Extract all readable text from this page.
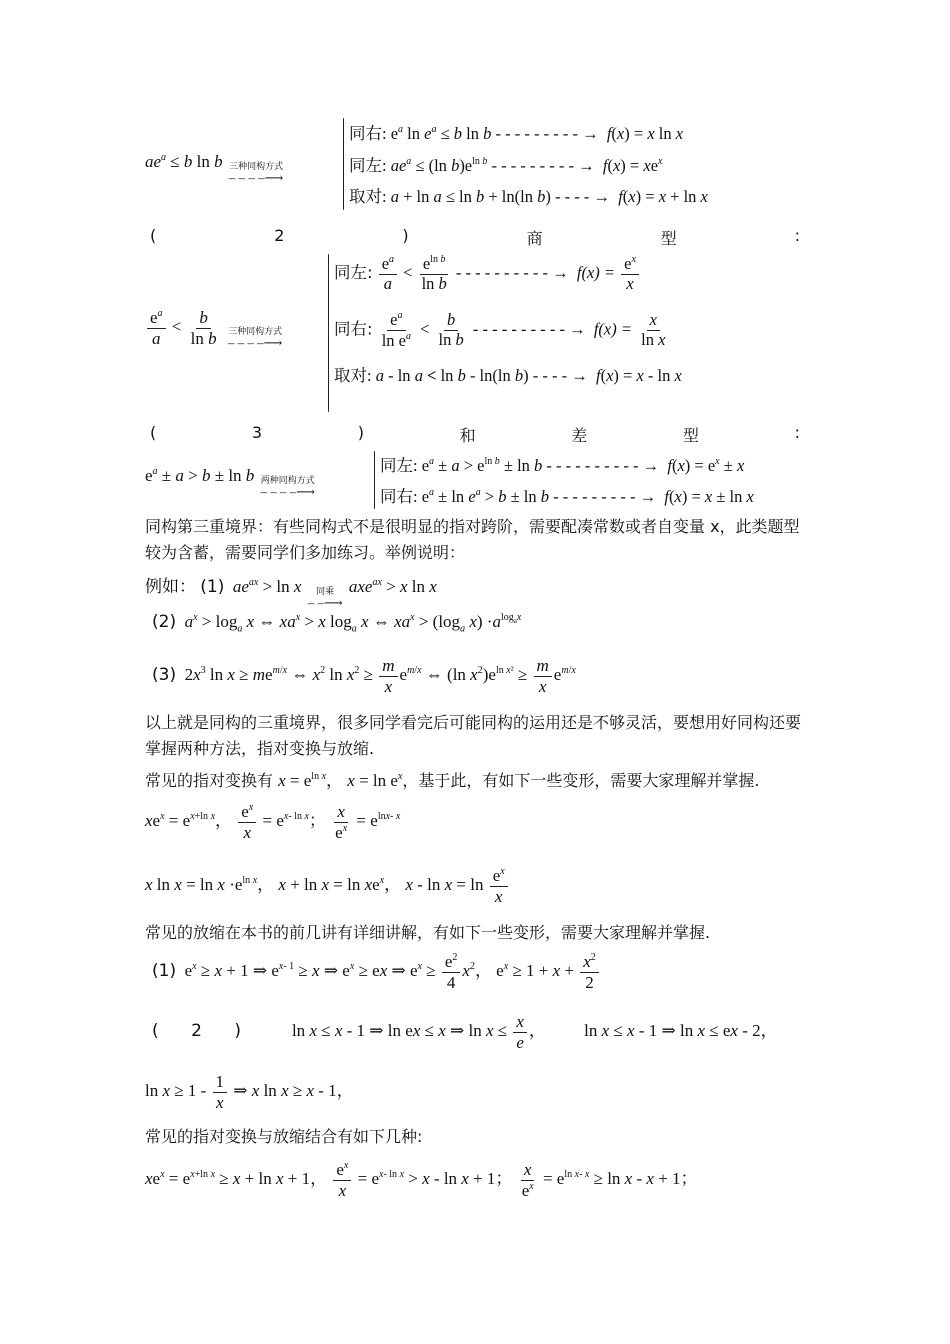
$ae^a \le b$ ln b 三种同构方式
– – – –⟶
同右: $e^a$ $\ln e^a \le b$ ln b - - - - - - - - - →  f(x) = x ln x
同左: $ae^a \le (\ln$ $b)e^{ln b}$ - - - - - - - - - →  $f(x) = xe^x$
取对: a + ln a ≤ ln b + ln(ln b) - - - - →  f(x) = x + ln x
(	2	)	商	型	:
$\frac{e^a}{a} < \frac{b}{\text{ln b}}$
三种同构方式
– – – –⟶
同左: $\frac{e^a}{a} < \frac{e^{ln b}}{\text{ln b}}$ - - - - - - - - - - →  $f(x) = \frac{e^x}{x}$
同右: $\frac{e^a}{\ln e^a} < \frac{b}{\text{ln b}}$ - - - - - - - - - - →  $f(x) = \frac{x}{\text{ln x}}$
取对: a - ln a < ln b - ln(ln b) - - - - →  f(x) = x - ln x
(	3	)	和	差	型	:
$e^a \pm a > b \pm \ln b$ 两种同构方式
– – – –⟶
同左: $e^a \pm a > e^{ln b} \pm \ln b$ - - - - - - - - - - →  $f(x) = e^x \pm x$
同右: $e^a \pm \ln e^a > b \pm \ln b$ - - - - - - - - - →  f(x) = x ± ln x
同构第三重境界：有些同构式不是很明显的指对跨阶，需要配凑常数或者自变量 x，此类题型较为含蓄，需要同学们多加练习。举例说明：
例如： (1) $ae^{ax} > \ln x$ 同乘
– –⟶
axe$^{ax}$ > x ln x
(2) $a^x > \log_a x$ ⇔ $xa^x > x$ $\log_a x$ ⇔ $xa^x > (\log_a$ $x) \cdot a^{log_ax}$
(3)  $2x^3$ $\ln x \ge me^{m/x}$ ⇔ $x^2$ $\ln x^2 \ge \frac{m}{x} e^{m/x}$ ⇔ (ln $x^2)e^{ln x^2} \ge \frac{m}{x} e^{m/x}$
以上就是同构的三重境界，很多同学看完后可能同构的运用还是不够灵活，要想用好同构还要掌握两种方法，指对变换与放缩.
常见的指对变换有 $x = e^{ln x}$， $x = \ln e^x$，基于此，有如下一些变形，需要大家理解并掌握.
$xe^x = e^{x+ln x}$， $\frac{e^x}{x} = e^{x- ln x}$； $\frac{x}{e^x} = e^{lnx- x}$
x $\ln x = \ln x \cdot e^{ln x}$， $x + \ln x = \ln xe^x$， $x - \ln x = \ln \frac{e^x}{x}$
常见的放缩在本书的前几讲有详细讲解，有如下一些变形，需要大家理解并掌握.
(1)  $e^x \ge x + 1$ ⇒ $e^{x- 1} \ge x$ ⇒ $e^x$ ≥ ex ⇒ $e^x \ge \frac{e^2}{4} x^2$， $e^x \ge 1 + x + \frac{x^2}{2}$
(      2      )            ln x ≤ x - 1 ⇒ ln ex ≤ x ⇒ $\ln x \le \frac{x}{e}$ ，         ln x ≤ x - 1 ⇒ ln x ≤ ex - 2，
$\ln x \ge 1 - \frac{1}{x}$ ⇒ x ln x ≥ x - 1，
常见的指对变换与放缩结合有如下几种:
$xe^x = e^{x+ln x} \ge x + \ln x + 1$， $\frac{e^x}{x} = e^{x- ln x} > x - \ln x + 1$； $\frac{x}{e^x} = e^{ln x- x} \ge \ln x - x + 1$；
